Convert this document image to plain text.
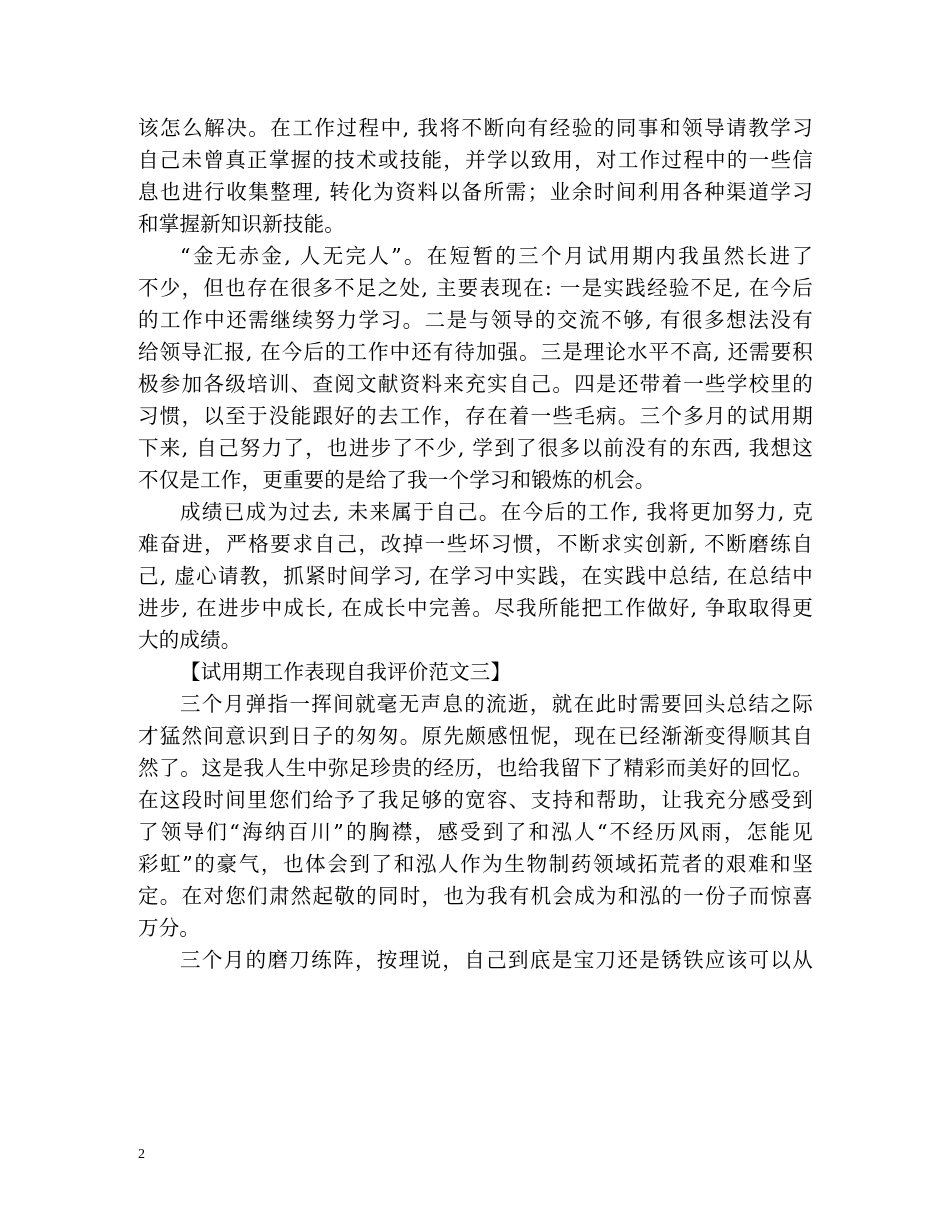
该怎么解决。在工作过程中, 我将不断向有经验的同事和领导请教学习
自己未曾真正掌握的技术或技能，并学以致用，对工作过程中的一些信
息也进行收集整理, 转化为资料以备所需；业余时间利用各种渠道学习
和掌握新知识新技能。
“金无赤金, 人无完人”。在短暂的三个月试用期内我虽然长进了
不少，但也存在很多不足之处, 主要表现在: 一是实践经验不足, 在今后
的工作中还需继续努力学习。二是与领导的交流不够, 有很多想法没有
给领导汇报, 在今后的工作中还有待加强。三是理论水平不高, 还需要积
极参加各级培训、查阅文献资料来充实自己。四是还带着一些学校里的
习惯，以至于没能跟好的去工作，存在着一些毛病。三个多月的试用期
下来, 自己努力了，也进步了不少, 学到了很多以前没有的东西, 我想这
不仅是工作，更重要的是给了我一个学习和锻炼的机会。
成绩已成为过去, 未来属于自己。在今后的工作, 我将更加努力, 克
难奋进，严格要求自己，改掉一些坏习惯，不断求实创新, 不断磨练自
己, 虚心请教，抓紧时间学习, 在学习中实践，在实践中总结, 在总结中
进步, 在进步中成长, 在成长中完善。尽我所能把工作做好, 争取取得更
大的成绩。
【试用期工作表现自我评价范文三】
三个月弹指一挥间就毫无声息的流逝，就在此时需要回头总结之际
才猛然间意识到日子的匆匆。原先颇感忸怩，现在已经渐渐变得顺其自
然了。这是我人生中弥足珍贵的经历，也给我留下了精彩而美好的回忆。
在这段时间里您们给予了我足够的宽容、支持和帮助，让我充分感受到
了领导们“海纳百川”的胸襟，感受到了和泓人“不经历风雨，怎能见
彩虹”的豪气，也体会到了和泓人作为生物制药领域拓荒者的艰难和坚
定。在对您们肃然起敬的同时，也为我有机会成为和泓的一份子而惊喜
万分。
三个月的磨刀练阵，按理说，自己到底是宝刀还是锈铁应该可以从
2
